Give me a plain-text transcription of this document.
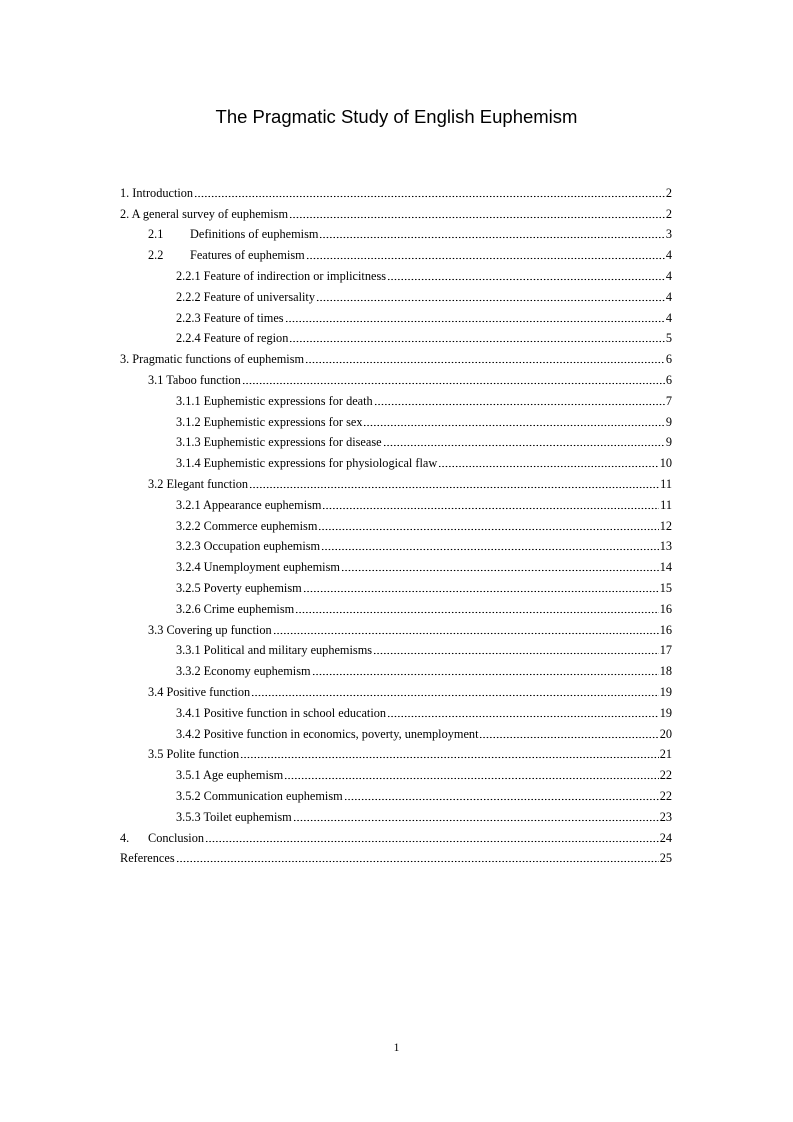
The Pragmatic Study of English Euphemism
1. Introduction	2
2. A general survey of euphemism	2
2.1 Definitions of euphemism	3
2.2 Features of euphemism	4
2.2.1 Feature of indirection or implicitness	4
2.2.2 Feature of universality	4
2.2.3 Feature of times	4
2.2.4 Feature of region	5
3. Pragmatic functions of euphemism	6
3.1 Taboo function	6
3.1.1 Euphemistic expressions for death	7
3.1.2 Euphemistic expressions for sex	9
3.1.3 Euphemistic expressions for disease	9
3.1.4 Euphemistic expressions for physiological flaw	10
3.2 Elegant function	11
3.2.1 Appearance euphemism	11
3.2.2 Commerce euphemism	12
3.2.3 Occupation euphemism	13
3.2.4 Unemployment euphemism	14
3.2.5 Poverty euphemism	15
3.2.6 Crime euphemism	16
3.3 Covering up function	16
3.3.1 Political and military euphemisms	17
3.3.2 Economy euphemism	18
3.4 Positive function	19
3.4.1 Positive function in school education	19
3.4.2 Positive function in economics, poverty, unemployment	20
3.5 Polite function	21
3.5.1 Age euphemism	22
3.5.2 Communication euphemism	22
3.5.3 Toilet euphemism	23
4. Conclusion	24
References	25
1
